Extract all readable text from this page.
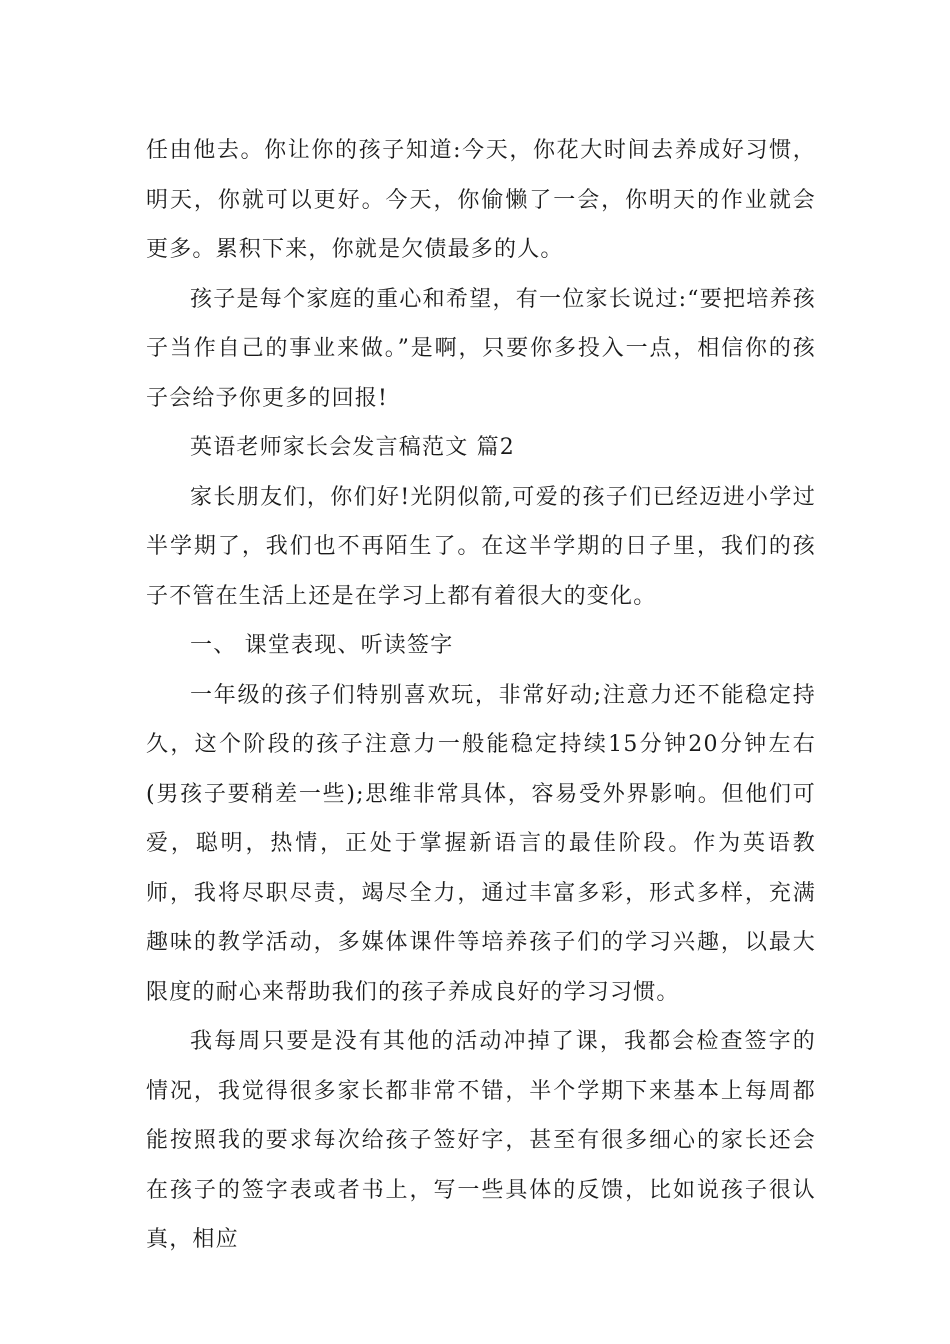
任由他去。你让你的孩子知道:今天，你花大时间去养成好习惯，明天，你就可以更好。今天，你偷懒了一会，你明天的作业就会更多。累积下来，你就是欠债最多的人。

孩子是每个家庭的重心和希望，有一位家长说过:“要把培养孩子当作自己的事业来做。”是啊，只要你多投入一点，相信你的孩子会给予你更多的回报!

英语老师家长会发言稿范文 篇2

家长朋友们，你们好!光阴似箭,可爱的孩子们已经迈进小学过半学期了，我们也不再陌生了。在这半学期的日子里，我们的孩子不管在生活上还是在学习上都有着很大的变化。

一、 课堂表现、听读签字

一年级的孩子们特别喜欢玩，非常好动;注意力还不能稳定持久，这个阶段的孩子注意力一般能稳定持续15分钟20分钟左右(男孩子要稍差一些);思维非常具体，容易受外界影响。但他们可爱，聪明，热情，正处于掌握新语言的最佳阶段。作为英语教师，我将尽职尽责，竭尽全力，通过丰富多彩，形式多样，充满趣味的教学活动，多媒体课件等培养孩子们的学习兴趣，以最大限度的耐心来帮助我们的孩子养成良好的学习习惯。

我每周只要是没有其他的活动冲掉了课，我都会检查签字的情况，我觉得很多家长都非常不错，半个学期下来基本上每周都能按照我的要求每次给孩子签好字，甚至有很多细心的家长还会在孩子的签字表或者书上，写一些具体的反馈，比如说孩子很认真，相应
